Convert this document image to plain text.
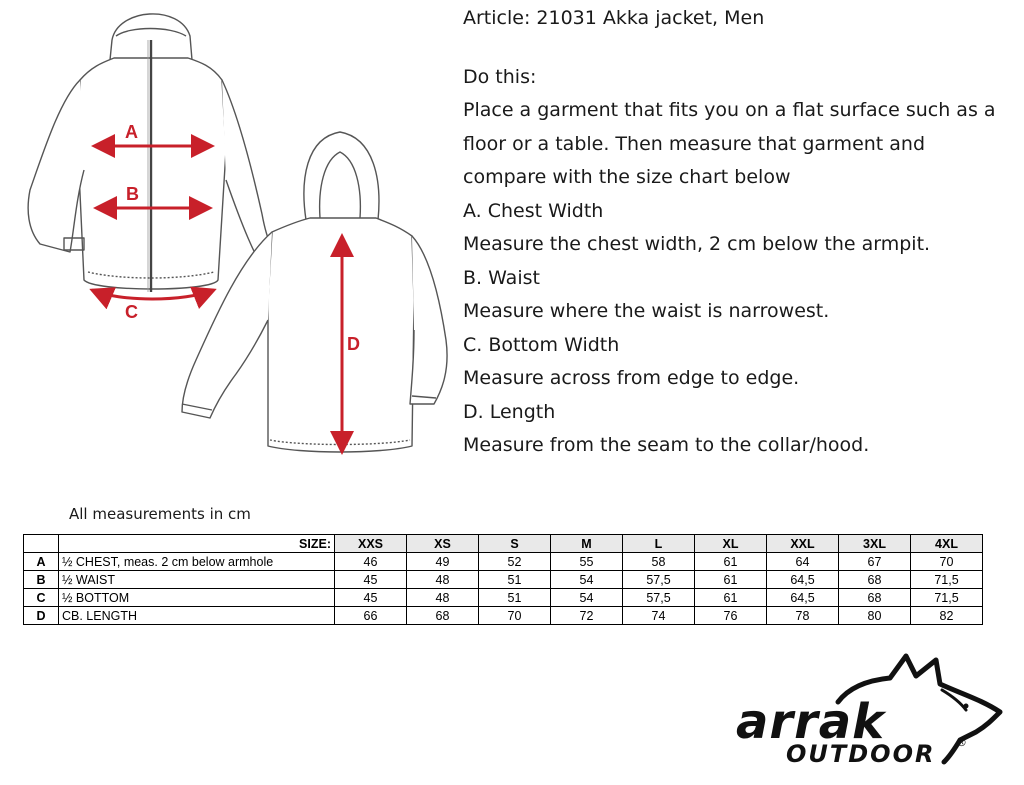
A
B
C
D

Article: 21031 Akka jacket, Men

Do this:

Place a garment that fits you on a flat surface such as a

floor or a table. Then measure that garment and

compare with the size chart below

A. Chest Width

Measure the chest width, 2 cm below the armpit.

B. Waist

Measure where the waist is narrowest.

C. Bottom Width

Measure across from edge to edge.

D. Length

Measure from the seam to the collar/hood.

All measurements in cm
	SIZE:	XXS	XS	S	M	L	XL	XXL	3XL	4XL
A	½ CHEST, meas. 2 cm below armhole	46	49	52	55	58	61	64	67	70
B	½ WAIST	45	48	51	54	57,5	61	64,5	68	71,5
C	½ BOTTOM	45	48	51	54	57,5	61	64,5	68	71,5
D	CB. LENGTH	66	68	70	72	74	76	78	80	82
arrak
OUTDOOR ®
